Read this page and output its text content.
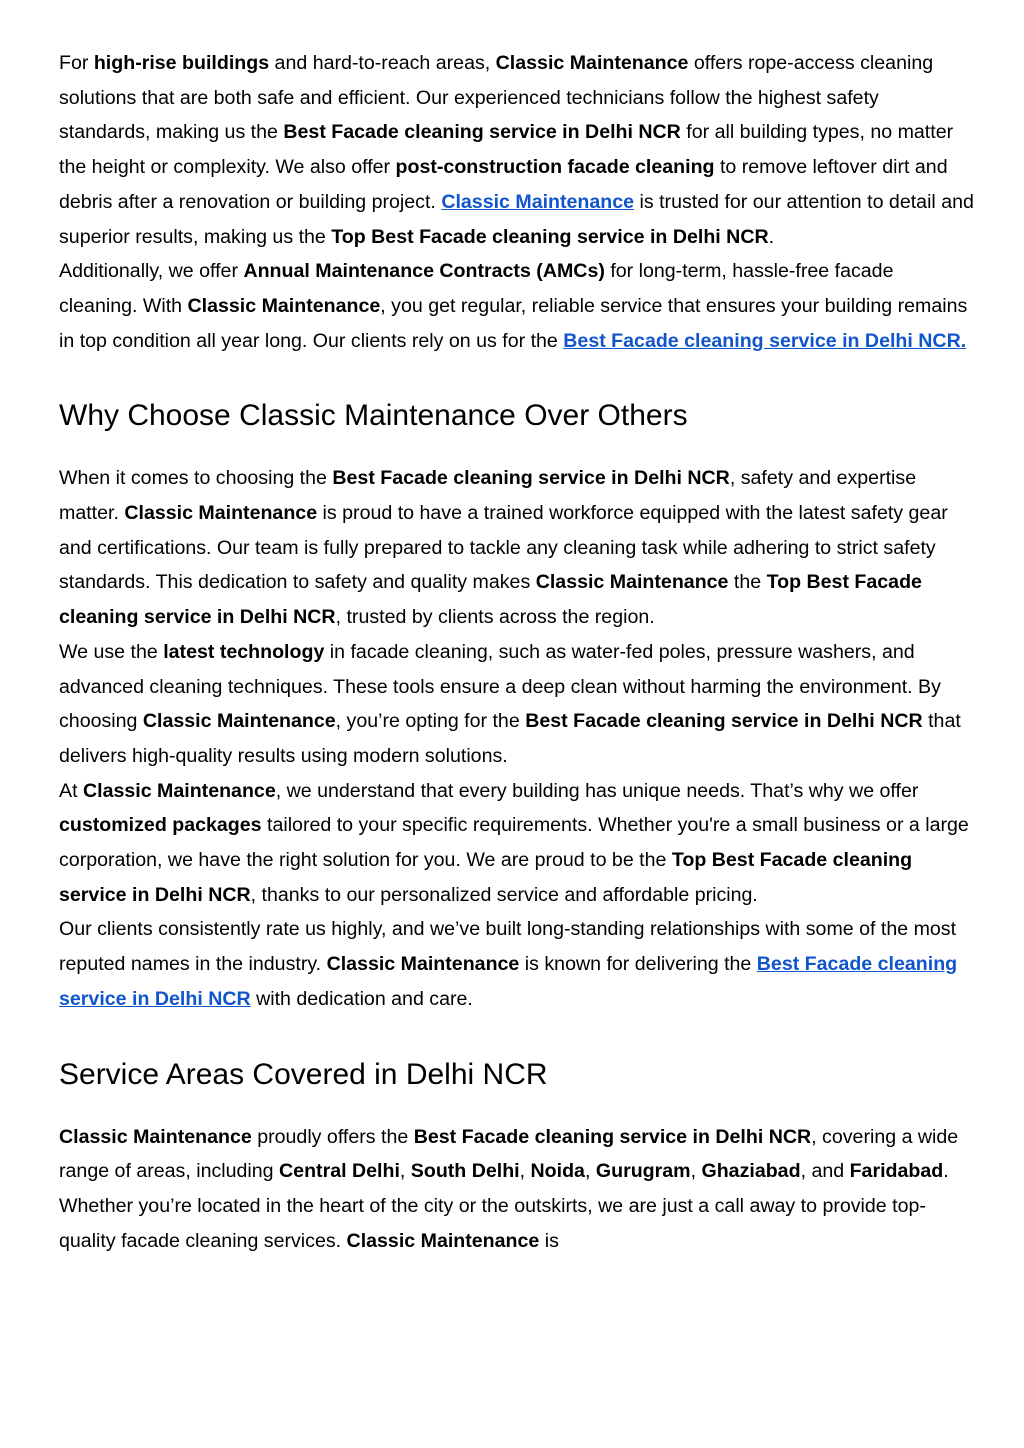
For high-rise buildings and hard-to-reach areas, Classic Maintenance offers rope-access cleaning solutions that are both safe and efficient. Our experienced technicians follow the highest safety standards, making us the Best Facade cleaning service in Delhi NCR for all building types, no matter the height or complexity. We also offer post-construction facade cleaning to remove leftover dirt and debris after a renovation or building project. Classic Maintenance is trusted for our attention to detail and superior results, making us the Top Best Facade cleaning service in Delhi NCR.

Additionally, we offer Annual Maintenance Contracts (AMCs) for long-term, hassle-free facade cleaning. With Classic Maintenance, you get regular, reliable service that ensures your building remains in top condition all year long. Our clients rely on us for the Best Facade cleaning service in Delhi NCR.

Why Choose Classic Maintenance Over Others

When it comes to choosing the Best Facade cleaning service in Delhi NCR, safety and expertise matter. Classic Maintenance is proud to have a trained workforce equipped with the latest safety gear and certifications. Our team is fully prepared to tackle any cleaning task while adhering to strict safety standards. This dedication to safety and quality makes Classic Maintenance the Top Best Facade cleaning service in Delhi NCR, trusted by clients across the region.

We use the latest technology in facade cleaning, such as water-fed poles, pressure washers, and advanced cleaning techniques. These tools ensure a deep clean without harming the environment. By choosing Classic Maintenance, you’re opting for the Best Facade cleaning service in Delhi NCR that delivers high-quality results using modern solutions.

At Classic Maintenance, we understand that every building has unique needs. That’s why we offer customized packages tailored to your specific requirements. Whether you're a small business or a large corporation, we have the right solution for you. We are proud to be the Top Best Facade cleaning service in Delhi NCR, thanks to our personalized service and affordable pricing.

Our clients consistently rate us highly, and we’ve built long-standing relationships with some of the most reputed names in the industry. Classic Maintenance is known for delivering the Best Facade cleaning service in Delhi NCR with dedication and care.

Service Areas Covered in Delhi NCR

Classic Maintenance proudly offers the Best Facade cleaning service in Delhi NCR, covering a wide range of areas, including Central Delhi, South Delhi, Noida, Gurugram, Ghaziabad, and Faridabad. Whether you’re located in the heart of the city or the outskirts, we are just a call away to provide top-quality facade cleaning services. Classic Maintenance is
